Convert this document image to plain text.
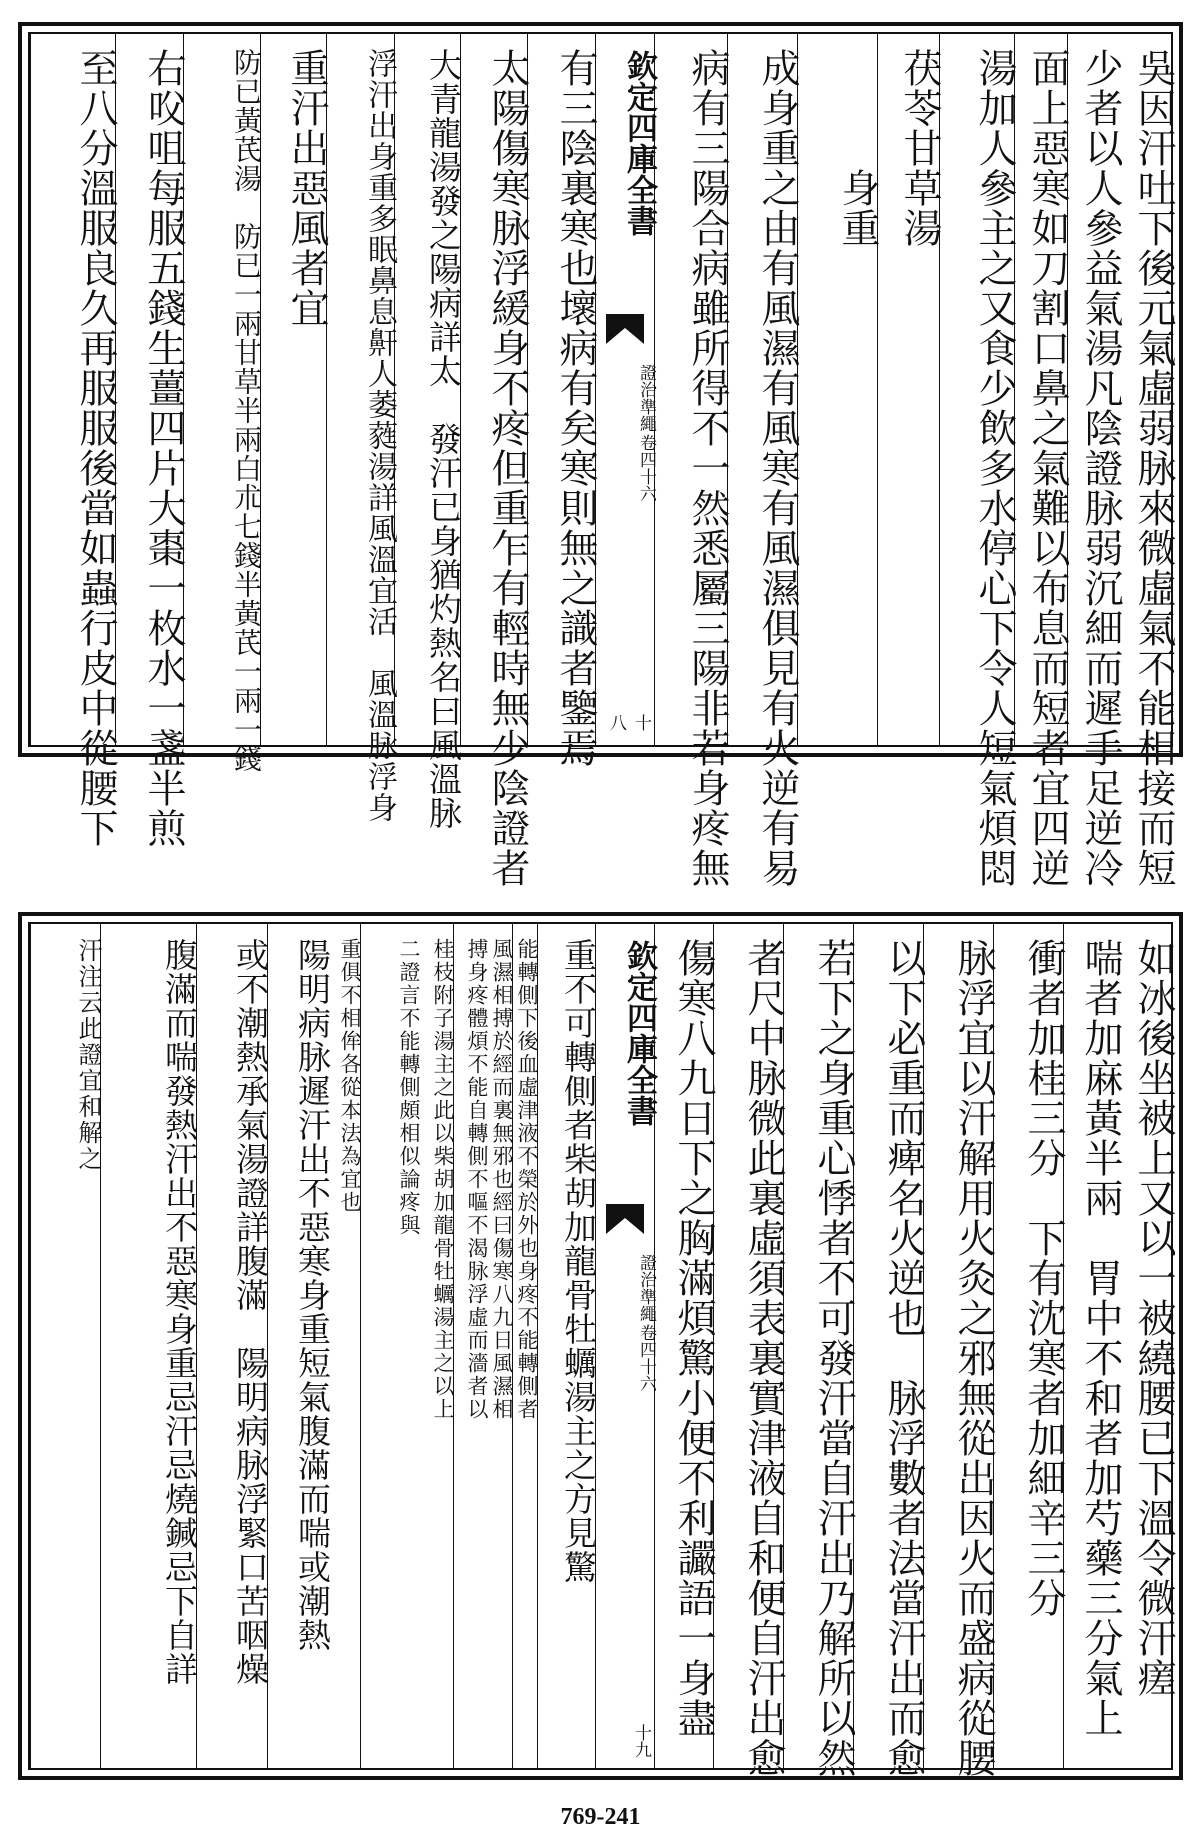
吳因汗吐下後元氣虛弱脉來微虛氣不能相接而短
少者以人參益氣湯凡陰證脉弱沉細而遲手足逆冷
面上惡寒如刀割口鼻之氣難以布息而短者宜四逆
湯加人參主之又食少飲多水停心下令人短氣煩悶
茯苓甘草湯
　　　身重
成身重之由有風濕有風寒有風濕俱見有火逆有易
病有三陽合病雖所得不一然悉屬三陽非若身疼無
欽定四庫全書
證治準繩
卷四十六
十八
有三陰裏寒也壞病有矣寒則無之識者鑒焉
太陽傷寒脉浮緩身不疼但重乍有輕時無少陰證者
大青龍湯發之陽病詳太　發汗已身猶灼熱名曰風溫脉
浮汗出身重多眠鼻息鼾人萎蕤湯詳風溫宜活　風溫脉浮身
重汗出惡風者宜
防已黃芪湯　防已一兩甘草半兩白朮七錢半黃芪一兩一錢
右㕮咀每服五錢生薑四片大棗一枚水一盞半煎
至八分溫服良久再服服後當如蟲行皮中從腰下
如冰後坐被上又以一被繞腰已下溫令微汗瘥
喘者加麻黃半兩　胃中不和者加芍藥三分氣上
衝者加桂三分　下有沈寒者加細辛三分
脉浮宜以汗解用火灸之邪無從出因火而盛病從腰
以下必重而痺名火逆也　脉浮數者法當汗出而愈
若下之身重心悸者不可發汗當自汗出乃解所以然
者尺中脉微此裏虛須表裏實津液自和便自汗出愈
傷寒八九日下之胸滿煩驚小便不利讝語一身盡
欽定四庫全書
證治準繩
卷四十六
十九
重不可轉側者柴胡加龍骨牡蠣湯主之方見驚
能轉側下後血虛津液不榮於外也身疼不能轉側者
風濕相搏於經而裏無邪也經曰傷寒八九日風濕相
搏身疼體煩不能自轉側不嘔不渴脉浮虛而濇者以
桂枝附子湯主之此以柴胡加龍骨牡蠣湯主之以上
二證言不能轉側頗相似論疼與
重俱不相侔各從本法為宜也
陽明病脉遲汗出不惡寒身重短氣腹滿而喘或潮熱
或不潮熱承氣湯證詳腹滿　陽明病脉浮緊口苦咽燥
腹滿而喘發熱汗出不惡寒身重忌汗忌燒鍼忌下自詳
汗注云此證宜和解之
769-241
